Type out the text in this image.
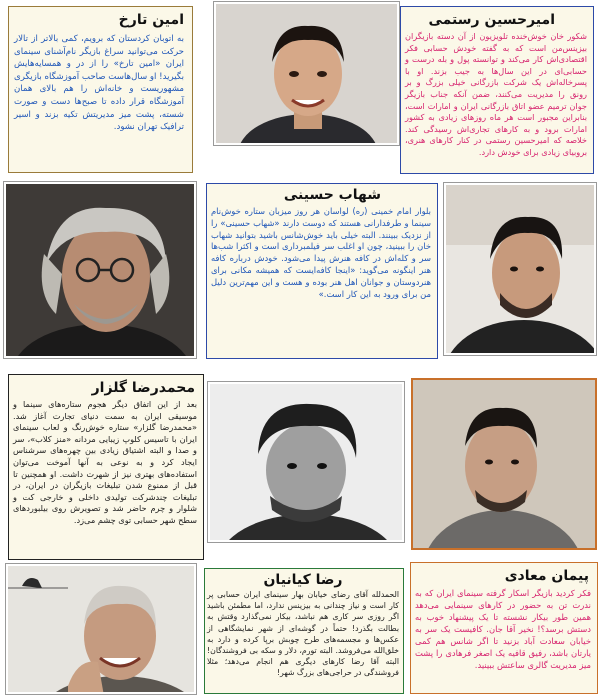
امین تارخ
به اتوبان کردستان که برویم، کمی بالاتر از تالار حرکت می‌توانید سراغ بازیگر نام‌آشنای سینمای ایران «امین تارخ» را از در و همسایه‌هایش بگیرید! او سال‌هاست صاحب آموزشگاه بازیگری مشهوریست و خانه‌اش را هم بالای همان آموزشگاه قرار داده تا صبح‌ها دست و صورت شسته، پشت میز مدیریتش تکیه بزند و اسیر ترافیک تهران نشود.
امیرحسین رستمی
شکور خان خوش‌خنده تلویزیون از آن دسته بازیگران بیزینس‌من است که به گفته خودش حسابی فکر اقتصادی‌اش کار می‌کند و توانسته پول و بله درست و حسابی‌ای در این سال‌ها به جیب بزند. او با پسرخاله‌اش یک شرکت بازرگانی خیلی بزرگ و بر رونق را مدیریت می‌کنند، ضمن آنکه جناب بازیگر جوان ترمیم عضو اتاق بازرگانی ایران و امارات است، بنابراین مجبور است هر ماه روزهای زیادی به کشور امارات برود و به کارهای تجاری‌اش رسیدگی کند. خلاصه که امیرحسین رستمی در کنار کارهای هنری، بروبیای زیادی برای خودش دارد.
شهاب حسینی
بلوار امام خمینی (ره) لواسان هر روز میزبان ستاره خوش‌نام سینما و طرفدارانی هستند که دوست دارند «شهاب حسینی» را از نزدیک ببینند. البته خیلی باید خوش‌شانس باشید بتوانید شهاب خان را ببینید، چون او اغلب سر فیلمبرداری است و اکثرا شب‌ها سر و کله‌اش در کافه هنرش پیدا می‌شود. خودش درباره کافه هنر اینگونه می‌گوید: «اینجا کافه‌ایست که همیشه مکانی برای هنردوستان و جوانان اهل هنر بوده و هست و این مهم‌ترین دلیل من برای ورود به این کار است.»
محمدرضا گلزار
بعد از این اتفاق دیگر هجوم ستاره‌های سینما و موسیقی ایران به سمت دنیای تجارت آغاز شد. «محمدرضا گلزار» ستاره خوش‌رنگ و لعاب سینمای ایران با تاسیس کلوپ زیبایی مردانه «منز کلاب»، سر و صدا و البته اشتیاق زیادی بین چهره‌های سرشناس ایجاد کرد و به نوعی به آنها آموخت می‌توان استفاده‌های بهتری نیز از شهرت داشت. او همچنین تا قبل از ممنوع شدن تبلیغات بازیگران در ایران، در تبلیغات چندشرکت تولیدی داخلی و خارجی کت و شلوار و چرم حاضر شد و تصویرش روی بیلبوردهای سطح شهر حسابی توی چشم می‌زد.
رضا کیانیان
الحمدلله آقای رضای خیابان بهار سینمای ایران حسابی پر کار است و نیاز چندانی به بیزینس ندارد، اما مطمئن باشید اگر روزی سر کاری هم نباشد، بیکار نمی‌گذارد وقتش به بطالت بگذرد! حتماً در گوشه‌ای از شهر نمایشگاهی از عکس‌ها و مجسمه‌های طرح چوبش برپا کرده و دارد به خلق‌الله می‌فروشد. البته تورم، دلار و سکه بی فروشندگان! البته آقا رضا کارهای دیگری هم انجام می‌دهد؛ مثلا فروشندگی در حراجی‌های بزرگ شهر!
پیمان معادی
فکر کردید بازیگر اسکار گرفته سینمای ایران که به ندرت تن به حضور در کارهای سینمایی می‌دهد همین طور بیکار نشسته تا یک پیشنهاد خوب به دستش برسد؟! نخیر آقا جان. کافیست یک سر به خیابان سعادت آباد بزنید تا اگر شانس هم کمی یارتان باشد، رفیق قافیه‌ یک اصغر فرهادی را پشت میز مدیریت گالری ساعتش ببینید.
